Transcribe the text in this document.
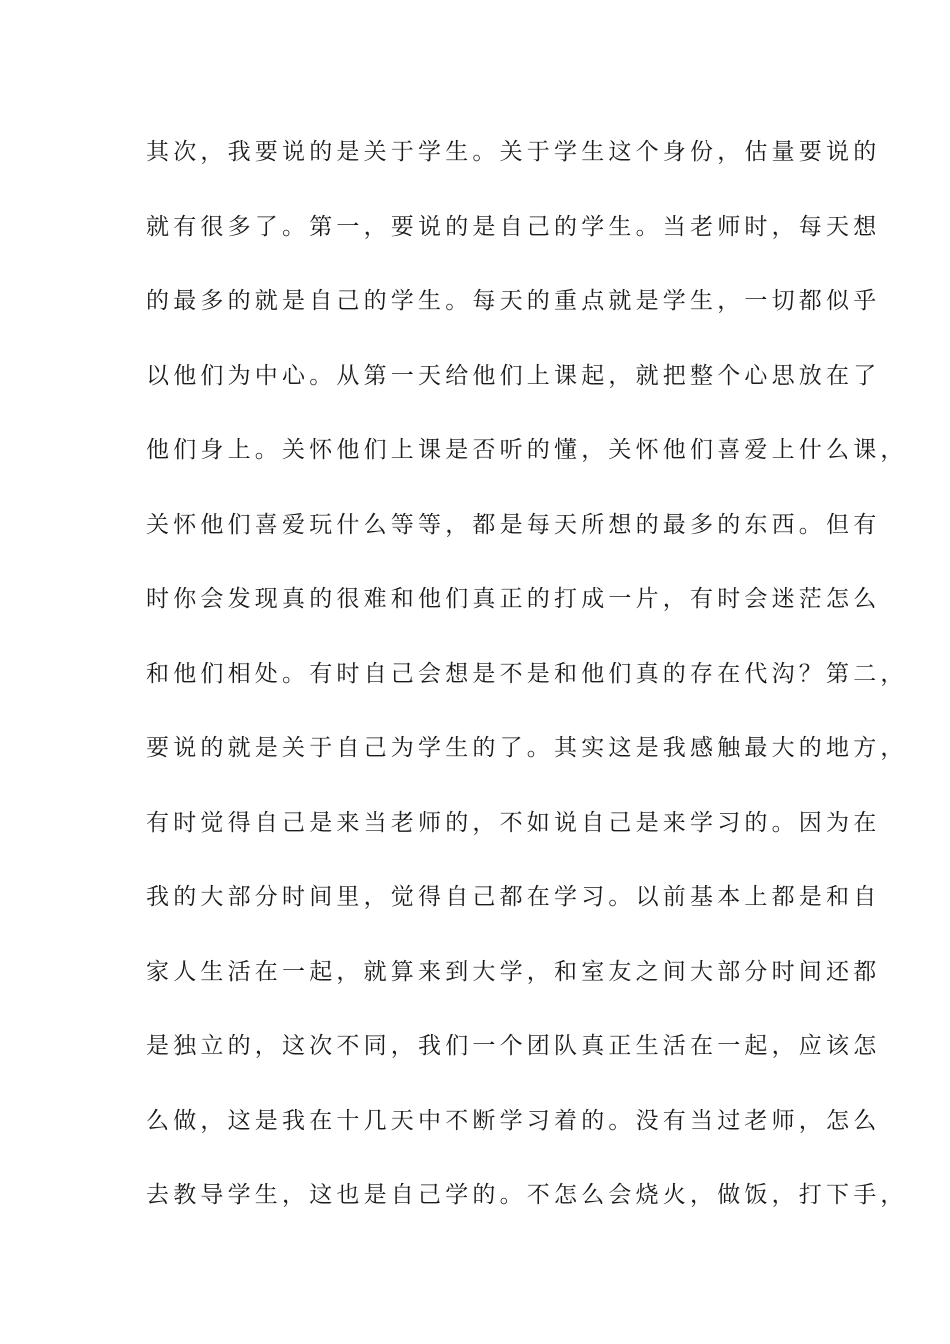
其次，我要说的是关于学生。关于学生这个身份，估量要说的
就有很多了。第一，要说的是自己的学生。当老师时，每天想
的最多的就是自己的学生。每天的重点就是学生，一切都似乎
以他们为中心。从第一天给他们上课起，就把整个心思放在了
他们身上。关怀他们上课是否听的懂，关怀他们喜爱上什么课，
关怀他们喜爱玩什么等等，都是每天所想的最多的东西。但有
时你会发现真的很难和他们真正的打成一片，有时会迷茫怎么
和他们相处。有时自己会想是不是和他们真的存在代沟？第二，
要说的就是关于自己为学生的了。其实这是我感触最大的地方，
有时觉得自己是来当老师的，不如说自己是来学习的。因为在
我的大部分时间里，觉得自己都在学习。以前基本上都是和自
家人生活在一起，就算来到大学，和室友之间大部分时间还都
是独立的，这次不同，我们一个团队真正生活在一起，应该怎
么做，这是我在十几天中不断学习着的。没有当过老师，怎么
去教导学生，这也是自己学的。不怎么会烧火，做饭，打下手，
